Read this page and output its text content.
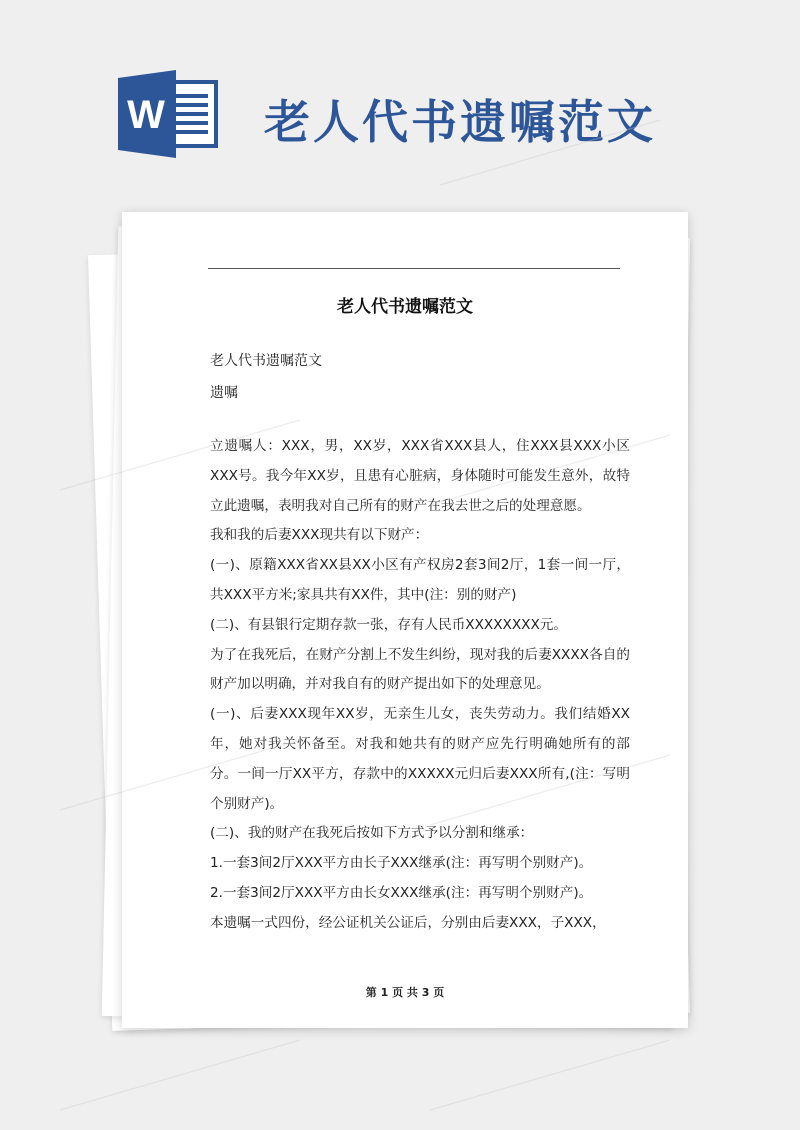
W 老人代书遗嘱范文
老人代书遗嘱范文
老人代书遗嘱范文
遗嘱

立遗嘱人：XXX，男，XX岁，XXX省XXX县人，住XXX县XXX小区XXX号。我今年XX岁，且患有心脏病，身体随时可能发生意外，故特立此遗嘱，表明我对自己所有的财产在我去世之后的处理意愿。

我和我的后妻XXX现共有以下财产：

(一)、原籍XXX省XX县XX小区有产权房2套3间2厅，1套一间一厅，共XXX平方米;家具共有XX件，其中(注：别的财产)

(二)、有县银行定期存款一张，存有人民币XXXXXXXX元。

为了在我死后，在财产分割上不发生纠纷，现对我的后妻XXXX各自的财产加以明确，并对我自有的财产提出如下的处理意见。

(一)、后妻XXX现年XX岁，无亲生儿女，丧失劳动力。我们结婚XX年，她对我关怀备至。对我和她共有的财产应先行明确她所有的部分。一间一厅XX平方，存款中的XXXXX元归后妻XXX所有,(注：写明个别财产)。

(二)、我的财产在我死后按如下方式予以分割和继承：

1.一套3间2厅XXX平方由长子XXX继承(注：再写明个别财产)。

2.一套3间2厅XXX平方由长女XXX继承(注：再写明个别财产)。

本遗嘱一式四份，经公证机关公证后，分别由后妻XXX，子XXX，

第 1 页 共 3 页
